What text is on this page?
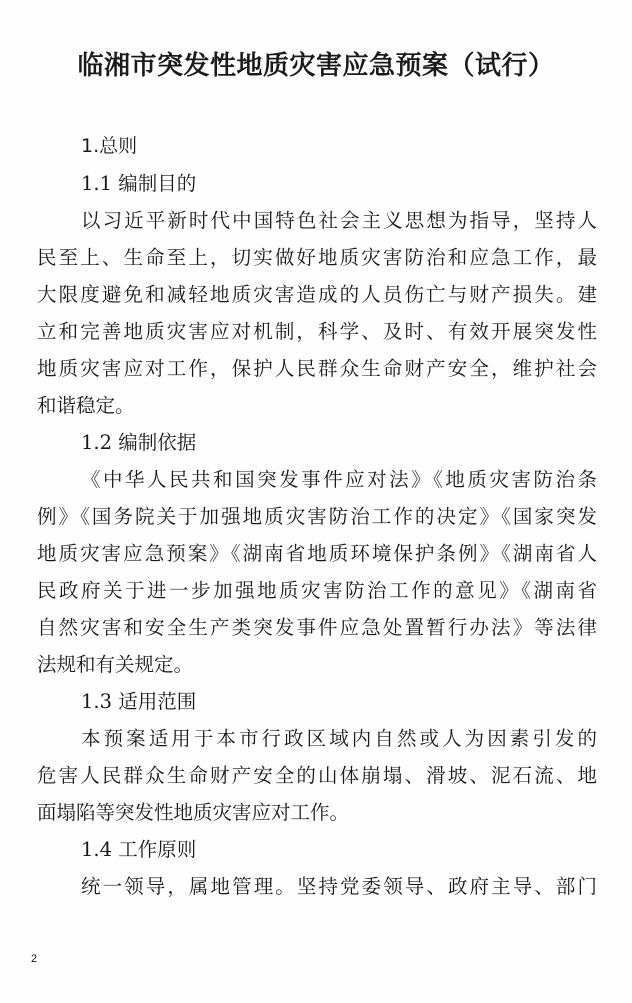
临湘市突发性地质灾害应急预案（试行）
1.总则
1.1 编制目的
以习近平新时代中国特色社会主义思想为指导，坚持人
民至上、生命至上，切实做好地质灾害防治和应急工作，最
大限度避免和减轻地质灾害造成的人员伤亡与财产损失。建
立和完善地质灾害应对机制，科学、及时、有效开展突发性
地质灾害应对工作，保护人民群众生命财产安全，维护社会
和谐稳定。
1.2 编制依据
《中华人民共和国突发事件应对法》《地质灾害防治条
例》《国务院关于加强地质灾害防治工作的决定》《国家突发
地质灾害应急预案》《湖南省地质环境保护条例》《湖南省人
民政府关于进一步加强地质灾害防治工作的意见》《湖南省
自然灾害和安全生产类突发事件应急处置暂行办法》等法律
法规和有关规定。
1.3 适用范围
本预案适用于本市行政区域内自然或人为因素引发的
危害人民群众生命财产安全的山体崩塌、滑坡、泥石流、地
面塌陷等突发性地质灾害应对工作。
1.4 工作原则
统一领导，属地管理。坚持党委领导、政府主导、部门
2
